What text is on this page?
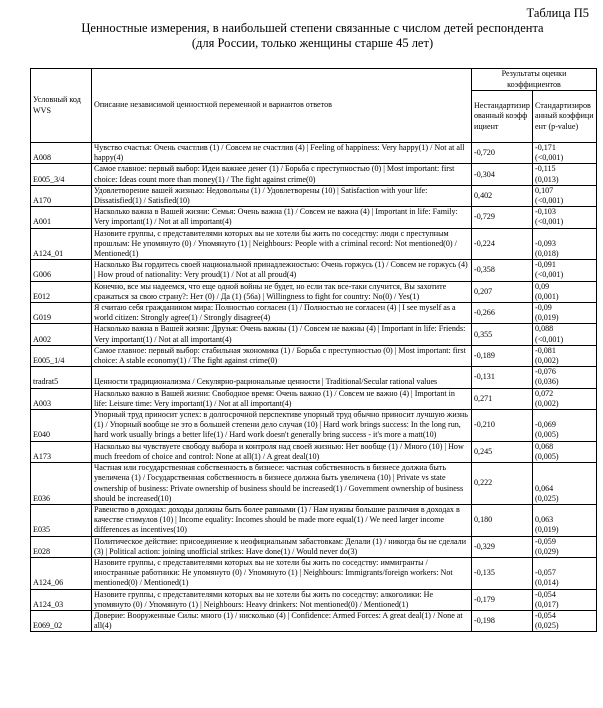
Таблица П5
Ценностные измерения, в наибольшей степени связанные с числом детей респондента
(для России, только женщины старше 45 лет)
Условный код WVS	Описание независимой ценностной переменной и вариантов ответов	Результаты оценки коэффициентов	
		Нестандартизированный коэффициент	Стандартизированный коэффициент (p-value)
A008	Чувство счастья: Очень счастлив (1) / Совсем не счастлив (4) | Feeling of happiness: Very happy(1) / Not at all happy(4)	-0,720	-0,171
(<0,001)

E005_3/4	Самое главное: первый выбор: Идеи важнее денег (1) / Борьба с преступностью (0) | Most important: first choice: Ideas count more than money(1) / The fight against crime(0)	-0,304	-0,115
(0,013)

A170	Удовлетворение вашей жизнью: Недовольны (1) / Удовлетворены (10) | Satisfaction with your life: Dissatisfied(1) / Satisfied(10)	0,402	0,107
(<0,001)

A001	Насколько важна в Вашей жизни: Семья: Очень важна (1) / Совсем не важна (4) | Important in life: Family: Very important(1) / Not at all important(4)	-0,729	-0,103
(<0,001)

A124_01	Назовите группы, с представителями которых вы не хотели бы жить по соседству: люди с преступным прошлым: Не упомянуто (0) / Упомянуто (1) | Neighbours: People with a criminal record: Not mentioned(0) / Mentioned(1)	-0,224	-0,093
(0,018)

G006	Насколько Вы гордитесь своей национальной принадлежностью: Очень горжусь (1) / Совсем не горжусь (4) | How proud of nationality: Very proud(1) / Not at all proud(4)	-0,358	-0,091
(<0,001)

E012	Конечно, все мы надеемся, что еще одной войны не будет, но если так все-таки случится, Вы захотите сражаться за свою страну?: Нет (0) / Да (1) (56a) | Willingness to fight for country: No(0) / Yes(1)	0,207	0,09
(0,001)

G019	Я считаю себя гражданином мира: Полностью согласен (1) / Полностью не согласен (4) | I see myself as a world citizen: Strongly agree(1) / Strongly disagree(4)	-0,266	-0,09
(0,019)

A002	Насколько важна в Вашей жизни: Друзья: Очень важны (1) / Совсем не важны (4) | Important in life: Friends: Very important(1) / Not at all important(4)	0,355	0,088
(<0,001)

E005_1/4	Самое главное: первый выбор: стабильная экономика (1) / Борьба с преступностью (0) | Most important: first choice: A stable economy(1) / The fight against crime(0)	-0,189	-0,081
(0,002)

tradrat5	Ценности традиционализма / Секулярно-рациональные ценности | Traditional/Secular rational values	-0,131	-0,076
(0,036)

A003	Насколько важно в Вашей жизни: Свободное время: Очень важно (1) / Совсем не важно (4) | Important in life: Leisure time: Very important(1) / Not at all important(4)	0,271	0,072
(0,002)

E040	Упорный труд приносит успех: в долгосрочной перспективе упорный труд обычно приносит лучшую жизнь (1) / Упорный вообще не это в большей степени дело случая (10) | Hard work brings success: In the long run, hard work usually brings a better life(1) / Hard work doesn't generally bring success - it's more a matt(10)	-0,210	-0,069
(0,005)

A173	Насколько вы чувствуете свободу выбора и контроля над своей жизнью: Нет вообще (1) / Много (10) | How much freedom of choice and control: None at all(1) / A great deal(10)	0,245	0,068
(0,005)

E036	Частная или государственная собственность в бизнесе: частная собственность в бизнесе должна быть увеличена (1) / Государственная собственность в бизнесе должна быть увеличена (10) | Private vs state ownership of business: Private ownership of business should be increased(1) / Government ownership of business should be increased(10)	0,222	0,064
(0,025)

E035	Равенство в доходах: доходы должны быть более равными (1) / Нам нужны большие различия в доходах в качестве стимулов (10) | Income equality: Incomes should be made more equal(1) / We need larger income differences as incentives(10)	0,180	0,063
(0,019)

E028	Политическое действие: присоединение к неофициальным забастовкам: Делали (1) / никогда бы не сделали (3) | Political action: joining unofficial strikes: Have done(1) / Would never do(3)	-0,329	-0,059
(0,029)

A124_06	Назовите группы, с представителями которых вы не хотели бы жить по соседству: иммигранты / иностранные работники: Не упомянуто (0) / Упомянуто (1) | Neighbours: Immigrants/foreign workers: Not mentioned(0) / Mentioned(1)	-0,135	-0,057
(0,014)

A124_03	Назовите группы, с представителями которых вы не хотели бы жить по соседству: алкоголики: Не упомянуто (0) / Упомянуто (1) | Neighbours: Heavy drinkers: Not mentioned(0) / Mentioned(1)	-0,179	-0,054
(0,017)

E069_02	Доверие: Вооруженные Силы: много (1) / нисколько (4) | Confidence: Armed Forces: A great deal(1) / None at all(4)	-0,198	-0,054
(0,025)
